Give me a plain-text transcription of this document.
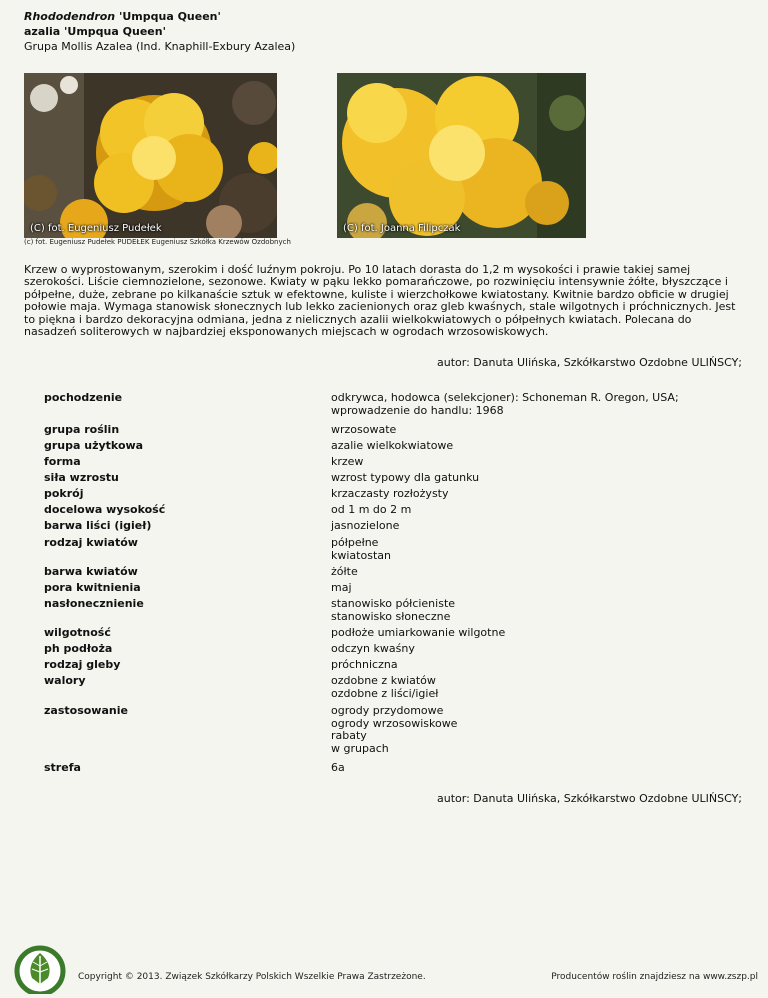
Rhododendron 'Umpqua Queen'
azalia 'Umpqua Queen'
Grupa Mollis Azalea (Ind. Knaphill-Exbury Azalea)
(C) fot. Eugeniusz Pudełek	(C) fot. Joanna Filipczak
(c) fot. Eugeniusz Pudełek PUDEŁEK Eugeniusz Szkółka Krzewów Ozdobnych
Krzew o wyprostowanym, szerokim i dość luźnym pokroju. Po 10 latach dorasta do 1,2 m wysokości i prawie takiej samej szerokości. Liście ciemnozielone, sezonowe. Kwiaty w pąku lekko pomarańczowe, po rozwinięciu intensywnie żółte, błyszczące i półpełne, duże, zebrane po kilkanaście sztuk w efektowne, kuliste i wierzchołkowe kwiatostany. Kwitnie bardzo obficie w drugiej połowie maja. Wymaga stanowisk słonecznych lub lekko zacienionych oraz gleb kwaśnych, stale wilgotnych i próchnicznych. Jest to piękna i bardzo dekoracyjna odmiana, jedna z nielicznych azalii wielkokwiatowych o półpełnych kwiatach. Polecana do nasadzeń soliterowych w najbardziej eksponowanych miejscach w ogrodach wrzosowiskowych.
autor: Danuta Ulińska, Szkółkarstwo Ozdobne ULIŃSCY;
pochodzenie	odkrywca, hodowca (selekcjoner): Schoneman R. Oregon, USA;
wprowadzenie do handlu: 1968
grupa roślin	wrzosowate
grupa użytkowa	azalie wielkokwiatowe
forma	krzew
siła wzrostu	wzrost typowy dla gatunku
pokrój	krzaczasty rozłożysty
docelowa wysokość	od 1 m do 2 m
barwa liści (igieł)	jasnozielone
rodzaj kwiatów	półpełne
kwiatostan
barwa kwiatów	żółte
pora kwitnienia	maj
nasłonecznienie	stanowisko półcieniste
stanowisko słoneczne
wilgotność	podłoże umiarkowanie wilgotne
ph podłoża	odczyn kwaśny
rodzaj gleby	próchniczna
walory	ozdobne z kwiatów
ozdobne z liści/igieł
zastosowanie	ogrody przydomowe
ogrody wrzosowiskowe
rabaty
w grupach
strefa	6a
autor: Danuta Ulińska, Szkółkarstwo Ozdobne ULIŃSCY;
Copyright © 2013. Związek Szkółkarzy Polskich Wszelkie Prawa Zastrzeżone.	Producentów roślin znajdziesz na www.zszp.pl
